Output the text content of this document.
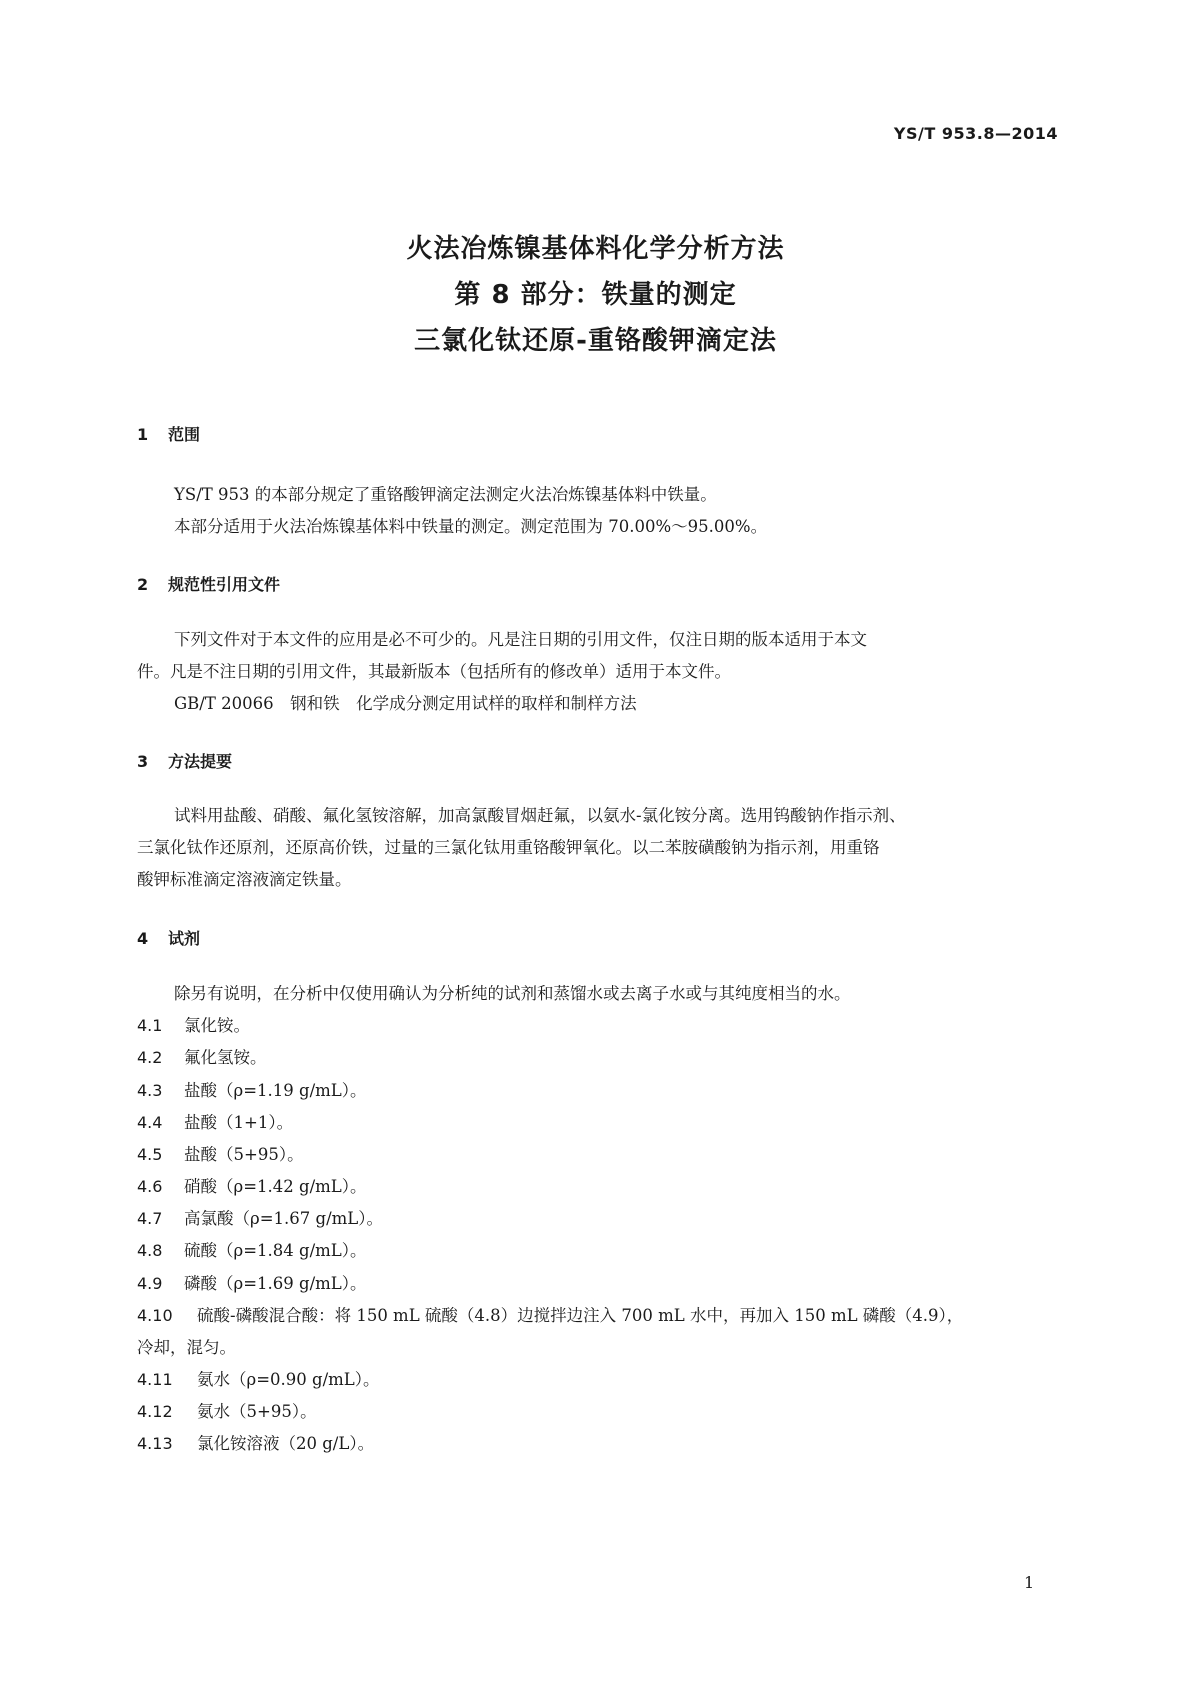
YS/T 953.8—2014
火法冶炼镍基体料化学分析方法
第 8 部分：铁量的测定
三氯化钛还原-重铬酸钾滴定法
1 范围
YS/T 953 的本部分规定了重铬酸钾滴定法测定火法冶炼镍基体料中铁量。
本部分适用于火法冶炼镍基体料中铁量的测定。测定范围为 70.00%～95.00%。
2 规范性引用文件
下列文件对于本文件的应用是必不可少的。凡是注日期的引用文件，仅注日期的版本适用于本文
件。凡是不注日期的引用文件，其最新版本（包括所有的修改单）适用于本文件。
GB/T 20066　钢和铁　化学成分测定用试样的取样和制样方法
3 方法提要
试料用盐酸、硝酸、氟化氢铵溶解，加高氯酸冒烟赶氟，以氨水-氯化铵分离。选用钨酸钠作指示剂、
三氯化钛作还原剂，还原高价铁，过量的三氯化钛用重铬酸钾氧化。以二苯胺磺酸钠为指示剂，用重铬
酸钾标准滴定溶液滴定铁量。
4 试剂
除另有说明，在分析中仅使用确认为分析纯的试剂和蒸馏水或去离子水或与其纯度相当的水。
4.1 氯化铵。
4.2 氟化氢铵。
4.3 盐酸（ρ=1.19 g/mL）。
4.4 盐酸（1+1）。
4.5 盐酸（5+95）。
4.6 硝酸（ρ=1.42 g/mL）。
4.7 高氯酸（ρ=1.67 g/mL）。
4.8 硫酸（ρ=1.84 g/mL）。
4.9 磷酸（ρ=1.69 g/mL）。
4.10 硫酸-磷酸混合酸：将 150 mL 硫酸（4.8）边搅拌边注入 700 mL 水中，再加入 150 mL 磷酸（4.9），
冷却，混匀。
4.11 氨水（ρ=0.90 g/mL）。
4.12 氨水（5+95）。
4.13 氯化铵溶液（20 g/L）。
1
